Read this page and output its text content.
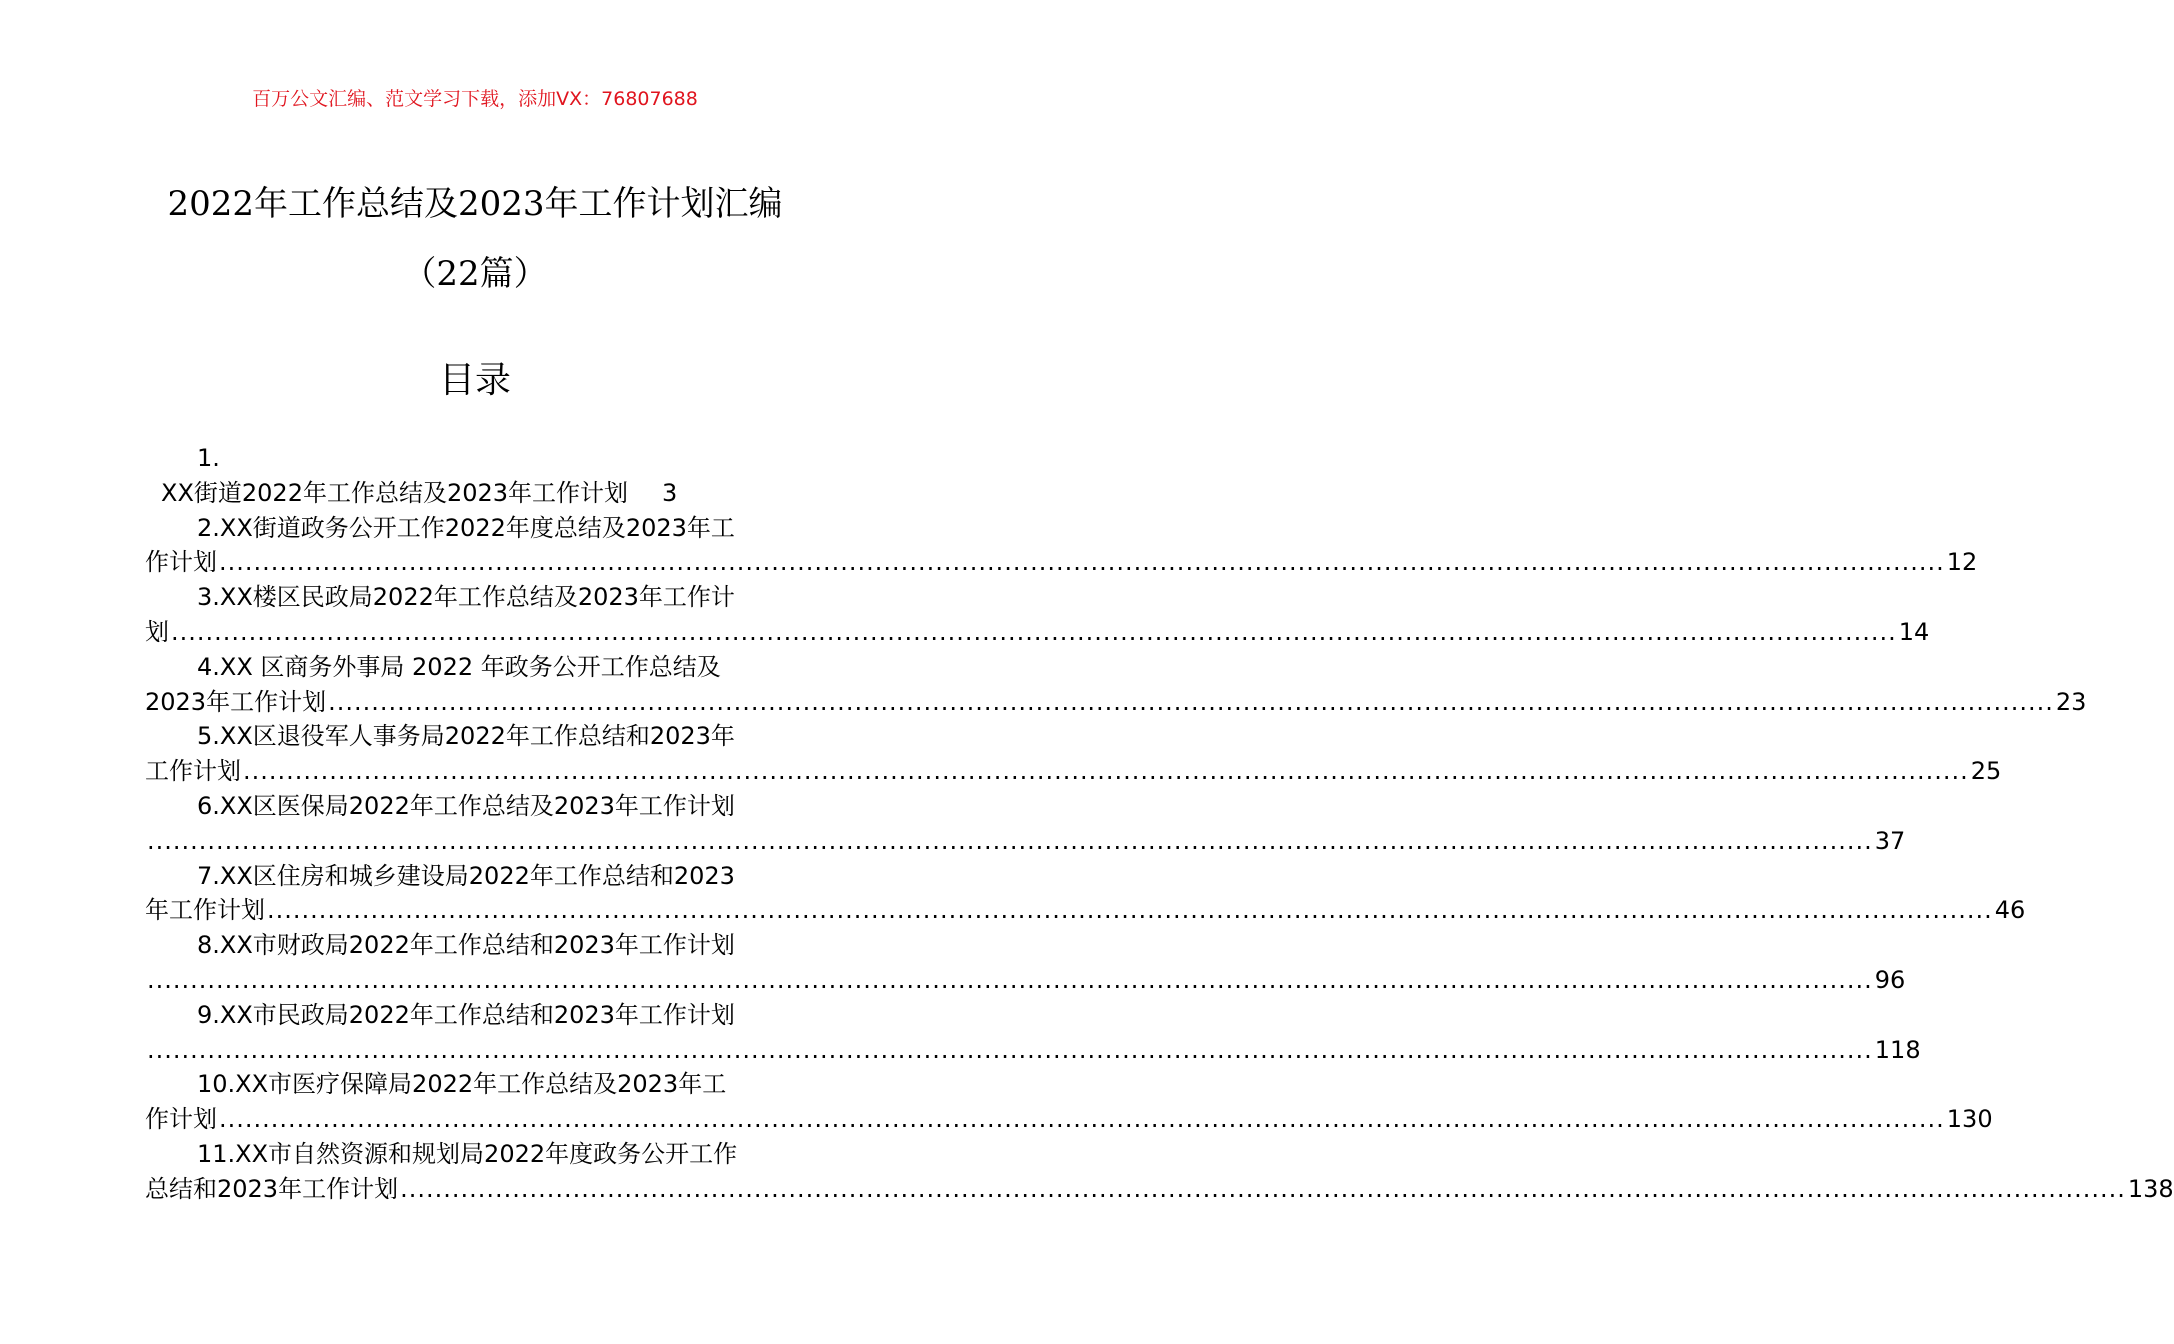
百万公文汇编、范文学习下载，添加VX：76807688
2022年工作总结及2023年工作计划汇编
（22篇）
目录
1.
XX街道2022年工作总结及2023年工作计划 3
2.XX街道政务公开工作2022年度总结及2023年工
作计划 ........................................................................................................................................................................................................ 12
3.XX楼区民政局2022年工作总结及2023年工作计
划 ........................................................................................................................................................................................................ 14
4.XX 区商务外事局 2022 年政务公开工作总结及
2023年工作计划 ........................................................................................................................................................................................................ 23
5.XX区退役军人事务局2022年工作总结和2023年
工作计划 ........................................................................................................................................................................................................ 25
6.XX区医保局2022年工作总结及2023年工作计划
........................................................................................................................................................................................................ 37
7.XX区住房和城乡建设局2022年工作总结和2023
年工作计划 ........................................................................................................................................................................................................ 46
8.XX市财政局2022年工作总结和2023年工作计划
........................................................................................................................................................................................................ 96
9.XX市民政局2022年工作总结和2023年工作计划
........................................................................................................................................................................................................ 118
10.XX市医疗保障局2022年工作总结及2023年工
作计划 ........................................................................................................................................................................................................ 130
11.XX市自然资源和规划局2022年度政务公开工作
总结和2023年工作计划 ........................................................................................................................................................................................................ 138
